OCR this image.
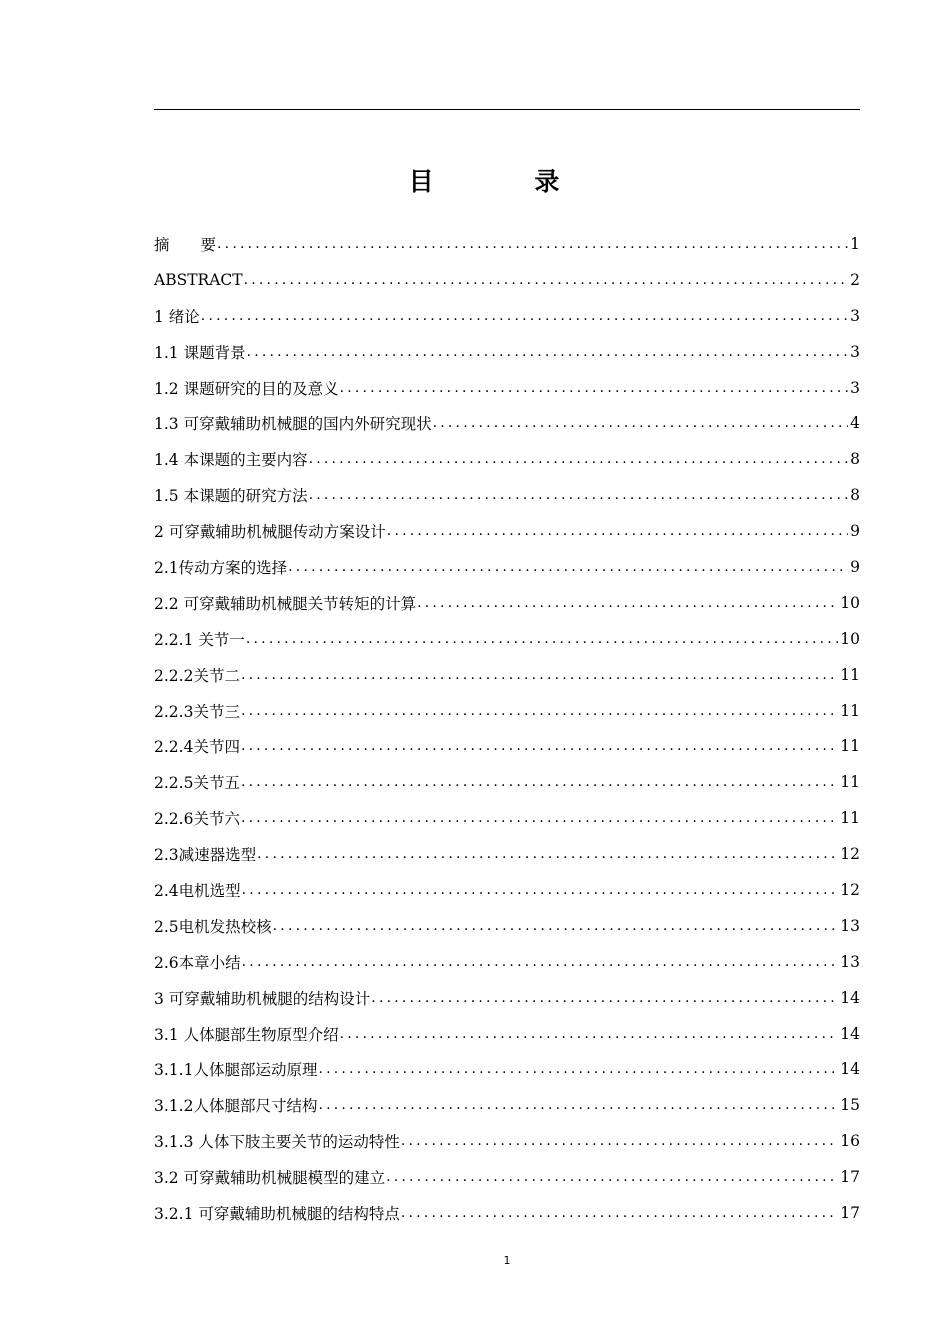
目 录
摘　　要 .....	1
ABSTRACT .....	2
1 绪论 .....	3
1.1 课题背景 .....	3
1.2 课题研究的目的及意义 .....	3
1.3 可穿戴辅助机械腿的国内外研究现状 .....	4
1.4 本课题的主要内容 .....	8
1.5 本课题的研究方法 .....	8
2 可穿戴辅助机械腿传动方案设计 .....	9
2.1传动方案的选择 .....	9
2.2 可穿戴辅助机械腿关节转矩的计算 .....	10
2.2.1 关节一 .....	10
2.2.2关节二 .....	11
2.2.3关节三 .....	11
2.2.4关节四 .....	11
2.2.5关节五 .....	11
2.2.6关节六 .....	11
2.3减速器选型 .....	12
2.4电机选型 .....	12
2.5电机发热校核 .....	13
2.6本章小结 .....	13
3 可穿戴辅助机械腿的结构设计 .....	14
3.1 人体腿部生物原型介绍 .....	14
3.1.1人体腿部运动原理 .....	14
3.1.2人体腿部尺寸结构 .....	15
3.1.3 人体下肢主要关节的运动特性 .....	16
3.2 可穿戴辅助机械腿模型的建立 .....	17
3.2.1 可穿戴辅助机械腿的结构特点 .....	17
1
